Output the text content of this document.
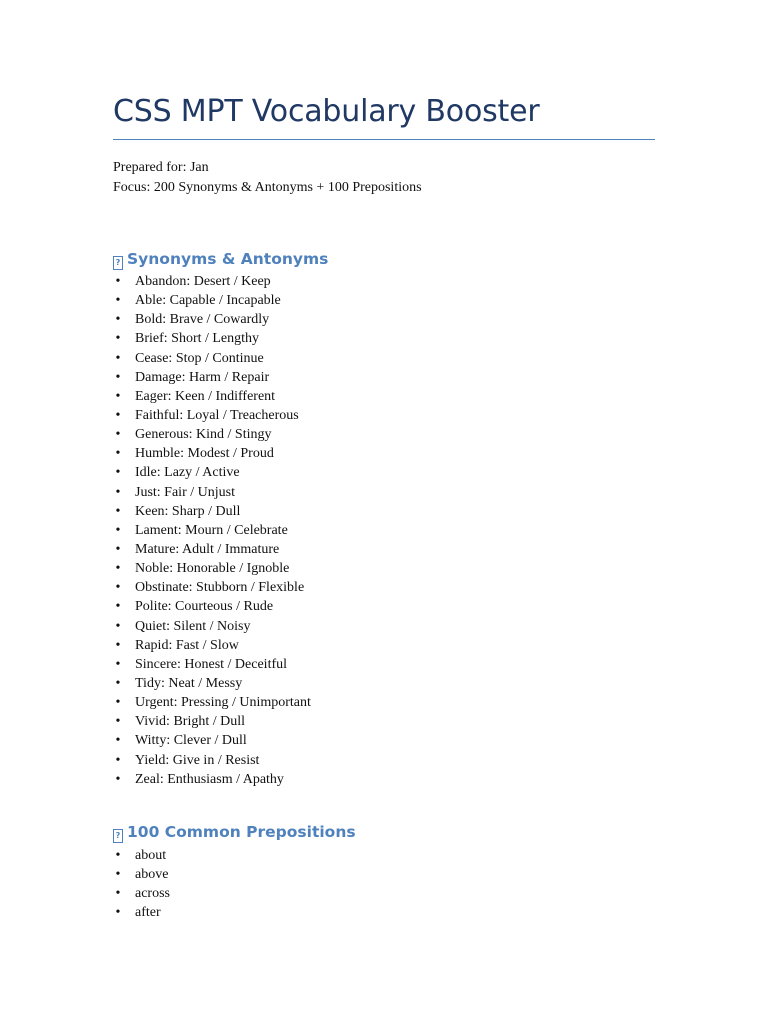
CSS MPT Vocabulary Booster
Prepared for: Jan
Focus: 200 Synonyms & Antonyms + 100 Prepositions
? Synonyms & Antonyms
• Abandon: Desert / Keep
• Able: Capable / Incapable
• Bold: Brave / Cowardly
• Brief: Short / Lengthy
• Cease: Stop / Continue
• Damage: Harm / Repair
• Eager: Keen / Indifferent
• Faithful: Loyal / Treacherous
• Generous: Kind / Stingy
• Humble: Modest / Proud
• Idle: Lazy / Active
• Just: Fair / Unjust
• Keen: Sharp / Dull
• Lament: Mourn / Celebrate
• Mature: Adult / Immature
• Noble: Honorable / Ignoble
• Obstinate: Stubborn / Flexible
• Polite: Courteous / Rude
• Quiet: Silent / Noisy
• Rapid: Fast / Slow
• Sincere: Honest / Deceitful
• Tidy: Neat / Messy
• Urgent: Pressing / Unimportant
• Vivid: Bright / Dull
• Witty: Clever / Dull
• Yield: Give in / Resist
• Zeal: Enthusiasm / Apathy
? 100 Common Prepositions
• about
• above
• across
• after
